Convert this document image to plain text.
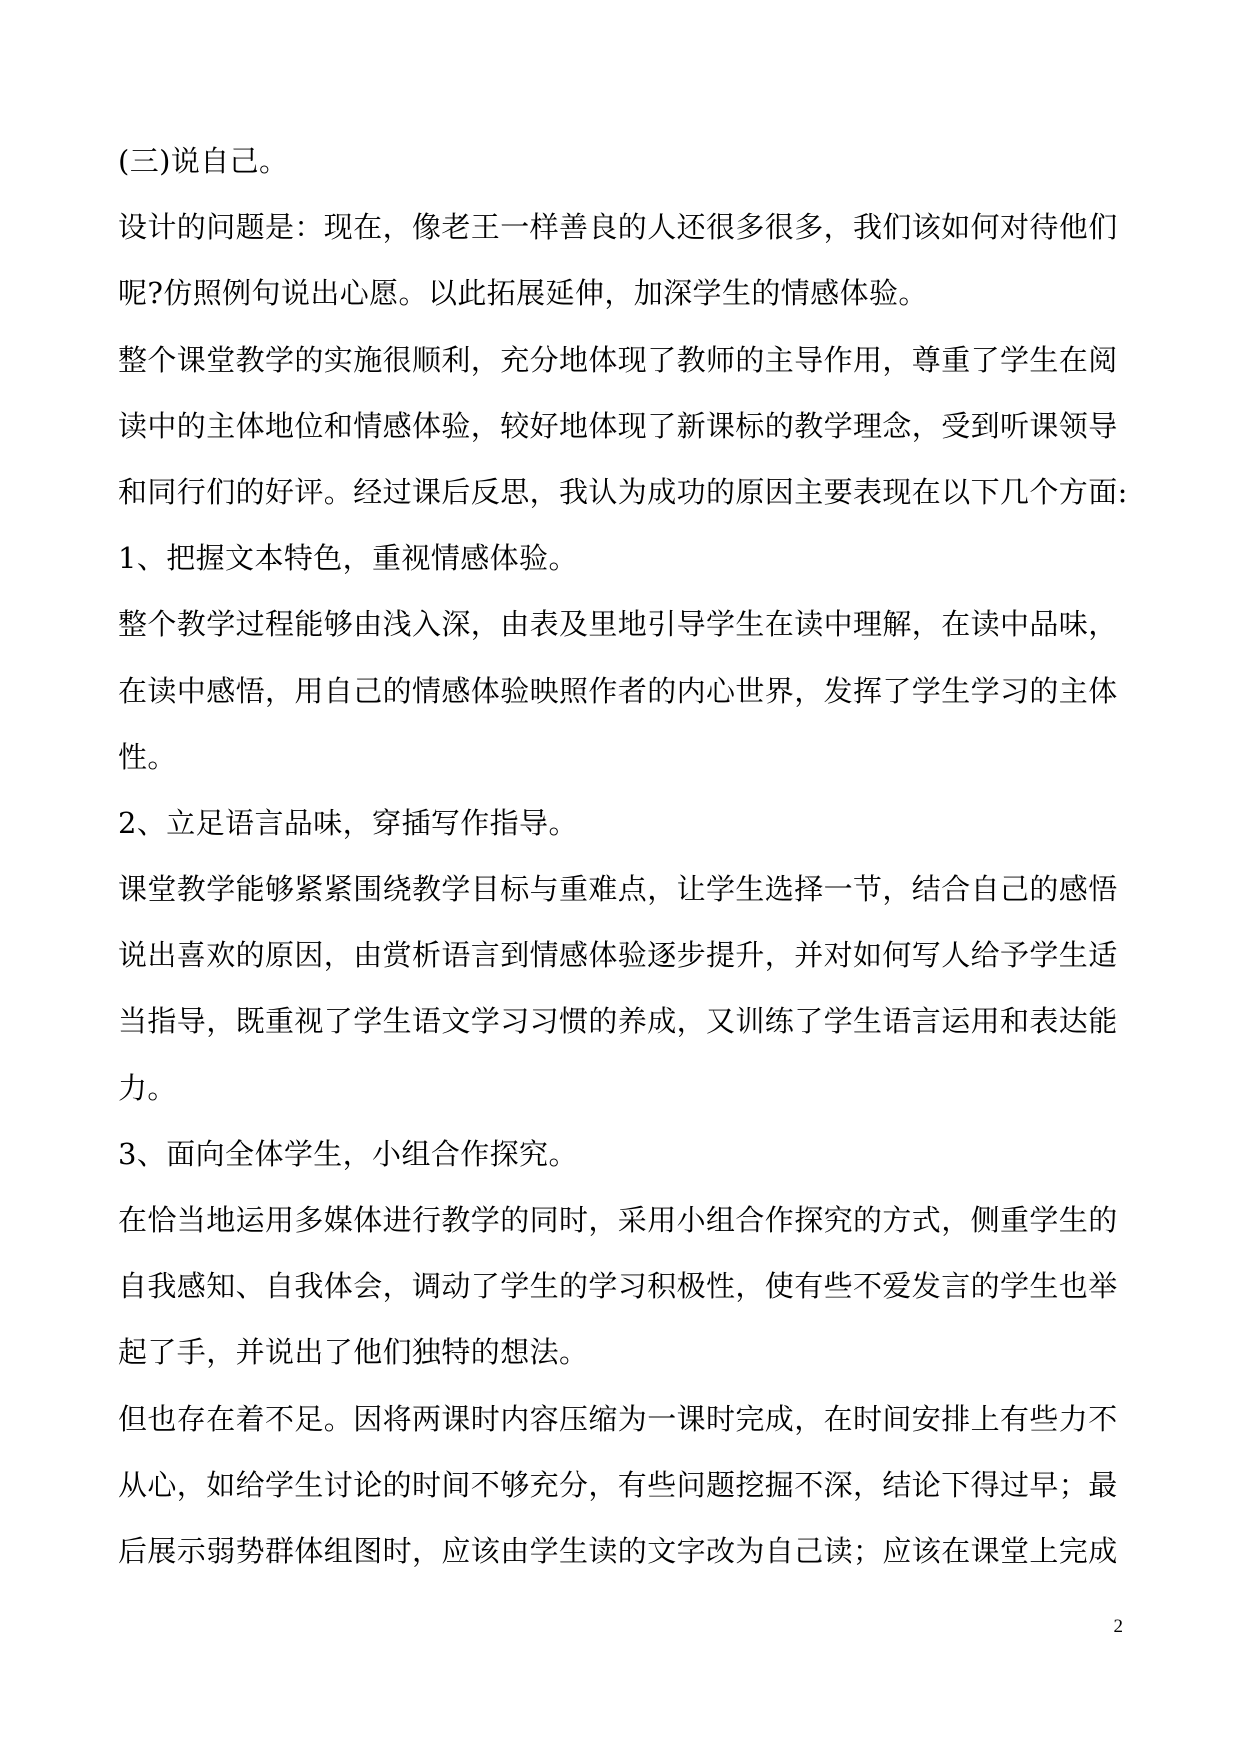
(三)说自己。
设计的问题是：现在，像老王一样善良的人还很多很多，我们该如何对待他们
呢?仿照例句说出心愿。以此拓展延伸，加深学生的情感体验。
整个课堂教学的实施很顺利，充分地体现了教师的主导作用，尊重了学生在阅
读中的主体地位和情感体验，较好地体现了新课标的教学理念，受到听课领导
和同行们的好评。经过课后反思，我认为成功的原因主要表现在以下几个方面:
1、把握文本特色，重视情感体验。
整个教学过程能够由浅入深，由表及里地引导学生在读中理解，在读中品味，
在读中感悟，用自己的情感体验映照作者的内心世界，发挥了学生学习的主体
性。
2、立足语言品味，穿插写作指导。
课堂教学能够紧紧围绕教学目标与重难点，让学生选择一节，结合自己的感悟
说出喜欢的原因，由赏析语言到情感体验逐步提升，并对如何写人给予学生适
当指导，既重视了学生语文学习习惯的养成，又训练了学生语言运用和表达能
力。
3、面向全体学生，小组合作探究。
在恰当地运用多媒体进行教学的同时，采用小组合作探究的方式，侧重学生的
自我感知、自我体会，调动了学生的学习积极性，使有些不爱发言的学生也举
起了手，并说出了他们独特的想法。
但也存在着不足。因将两课时内容压缩为一课时完成，在时间安排上有些力不
从心，如给学生讨论的时间不够充分，有些问题挖掘不深，结论下得过早；最
后展示弱势群体组图时，应该由学生读的文字改为自己读；应该在课堂上完成
2
